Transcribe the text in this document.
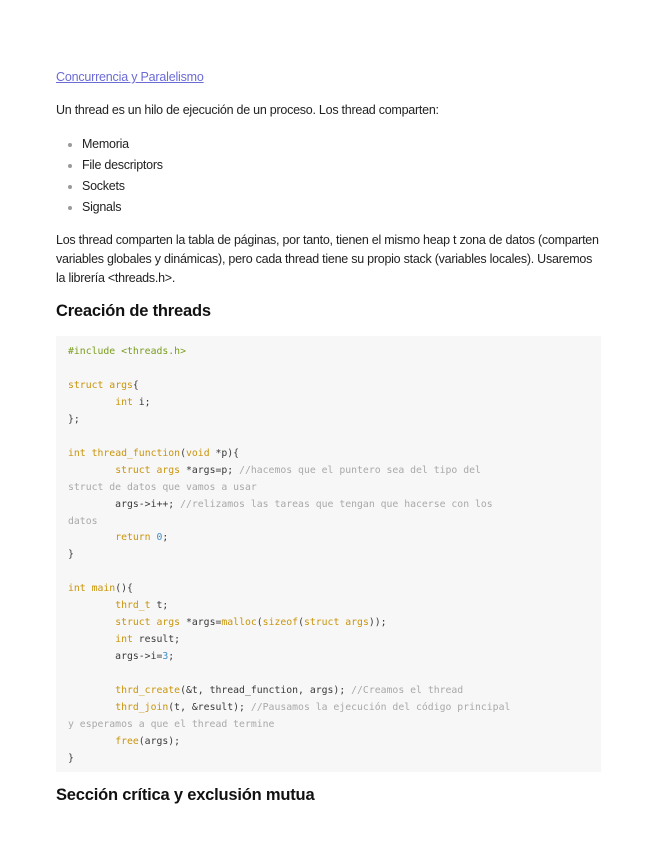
Concurrencia y Paralelismo

Un thread es un hilo de ejecución de un proceso. Los thread comparten:

Memoria
File descriptors
Sockets
Signals

Los thread comparten la tabla de páginas, por tanto, tienen el mismo heap t zona de datos (comparten variables globales y dinámicas), pero cada thread tiene su propio stack (variables locales). Usaremos la librería <threads.h>.

Creación de threads
#include <threads.h>

struct args{
int i;
};

int thread_function(void *p){
struct args *args=p; //hacemos que el puntero sea del tipo del
struct de datos que vamos a usar
args->i++; //relizamos las tareas que tengan que hacerse con los
datos
return 0;
}

int main(){
thrd_t t;
struct args *args=malloc(sizeof(struct args));
int result;
args->i=3;

thrd_create(&t, thread_function, args); //Creamos el thread
thrd_join(t, &result); //Pausamos la ejecución del código principal
y esperamos a que el thread termine
free(args);
}
Sección crítica y exclusión mutua
